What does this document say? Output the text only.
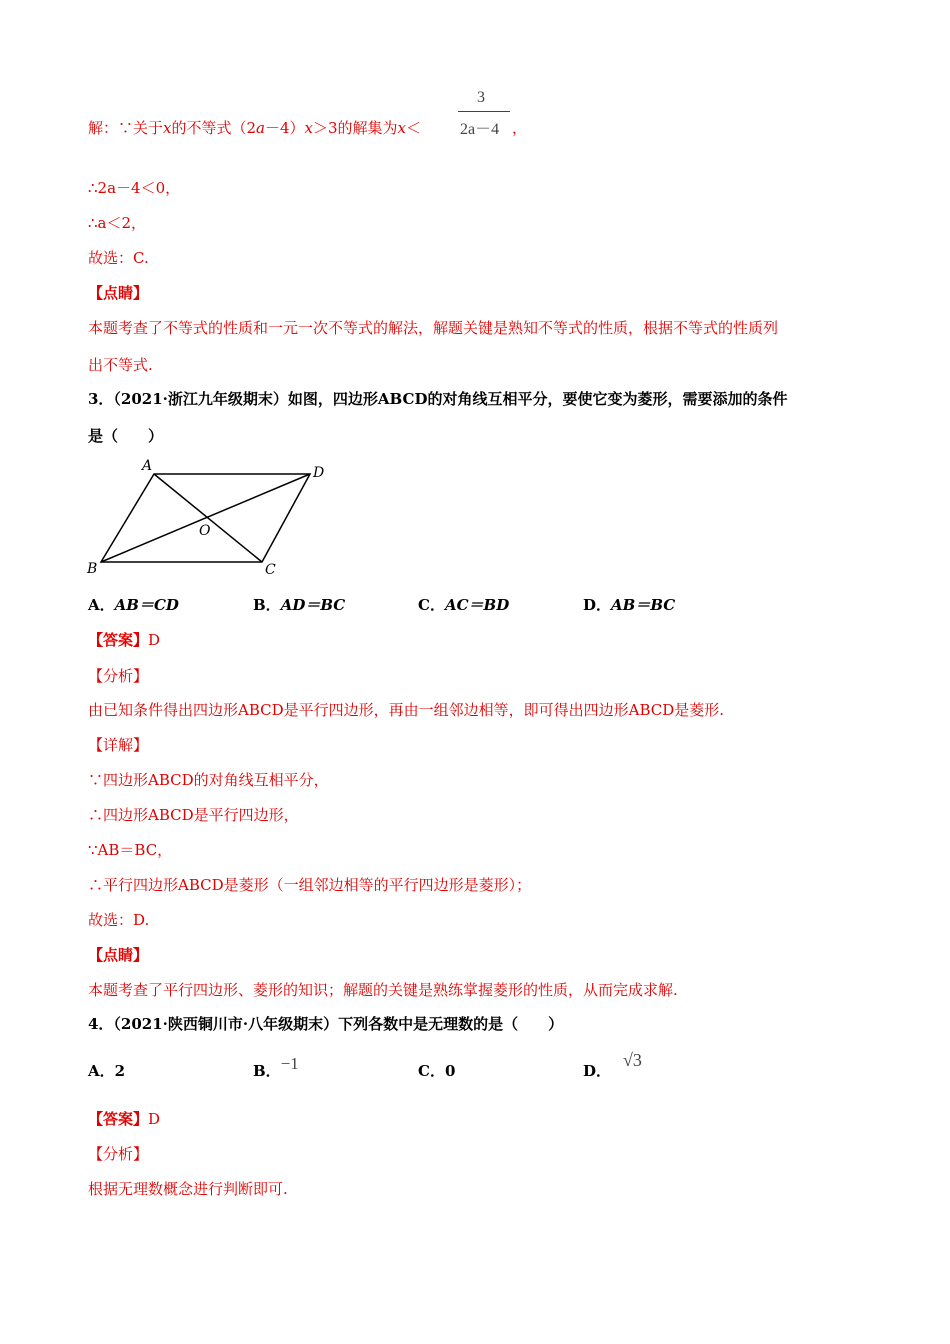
解：∵关于x的不等式（2a－4）x＞3的解集为x＜
3
2a－4 ，
∴2a－4＜0，
∴a＜2，
故选：C.
【点睛】
本题考查了不等式的性质和一元一次不等式的解法，解题关键是熟知不等式的性质，根据不等式的性质列
出不等式.
3．（2021·浙江九年级期末）如图，四边形ABCD的对角线互相平分，要使它变为菱形，需要添加的条件
是（　　）
A	D
B	C
O
A．AB＝CD	B．AD＝BC	C．AC＝BD	D．AB＝BC
【答案】D
【分析】
由已知条件得出四边形ABCD是平行四边形，再由一组邻边相等，即可得出四边形ABCD是菱形.
【详解】
∵四边形ABCD的对角线互相平分，
∴四边形ABCD是平行四边形，
∵AB＝BC，
∴平行四边形ABCD是菱形（一组邻边相等的平行四边形是菱形）；
故选：D.
【点睛】
本题考查了平行四边形、菱形的知识；解题的关键是熟练掌握菱形的性质，从而完成求解.
4．（2021·陕西铜川市·八年级期末）下列各数中是无理数的是（　　）
A．2	B．−1	C．0	D．√3
【答案】D
【分析】
根据无理数概念进行判断即可.
